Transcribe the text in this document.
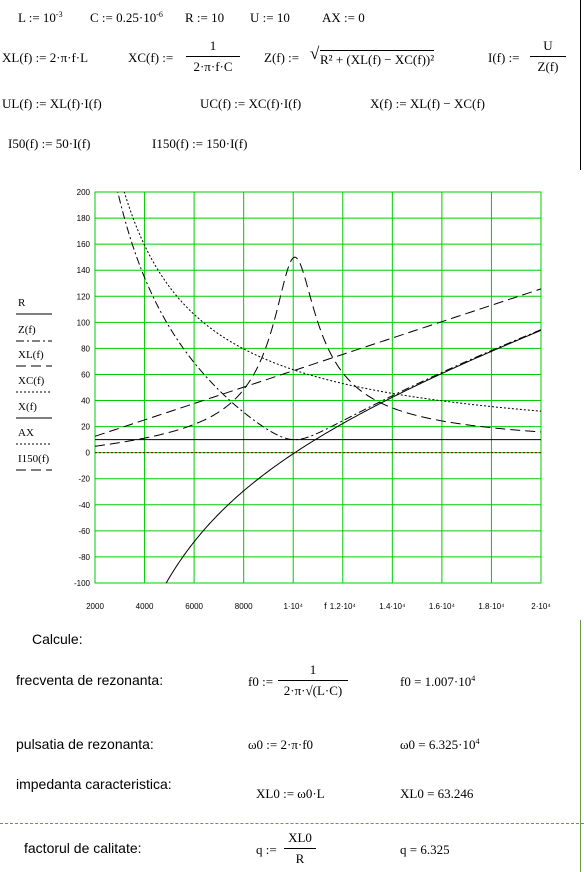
L := $10^{-3}$ C := $0.25\cdot 10^{-6}$ R := 10 U := 10 AX := 0
XL(f) := 2·π·f·L	XC(f) :=
1
2·π·f·C
Z(f) := √ R² + (XL(f) − XC(f))²	I(f) :=
U
Z(f)
UL(f) := XL(f)·I(f)	UC(f) := XC(f)·I(f)	X(f) := XL(f) − XC(f)
I50(f) := 50·I(f)	I150(f) := 150·I(f)
-100
-80
-60
-40
-20
0
20
40
60
80
100
120
140
160
180
200
2000	4000	6000	8000	1·10⁴	1.2·10⁴	1.4·10⁴	1.6·10⁴	1.8·10⁴	2·10⁴
f
R
Z(f)
XL(f)
XC(f)
X(f)
AX
I150(f)
Calcule:
frecventa de rezonanta:	f0 :=
1
2·π·√(L·C)
$f0 = 1.007\cdot 10^4$
pulsatia de rezonanta:	ω0 := 2·π·f0	$\omega 0 = 6.325\cdot 10^4$
impedanta caracteristica:
XL0 := ω0·L	XL0 = 63.246
factorul de calitate:	q :=
XL0
R
q = 6.325
